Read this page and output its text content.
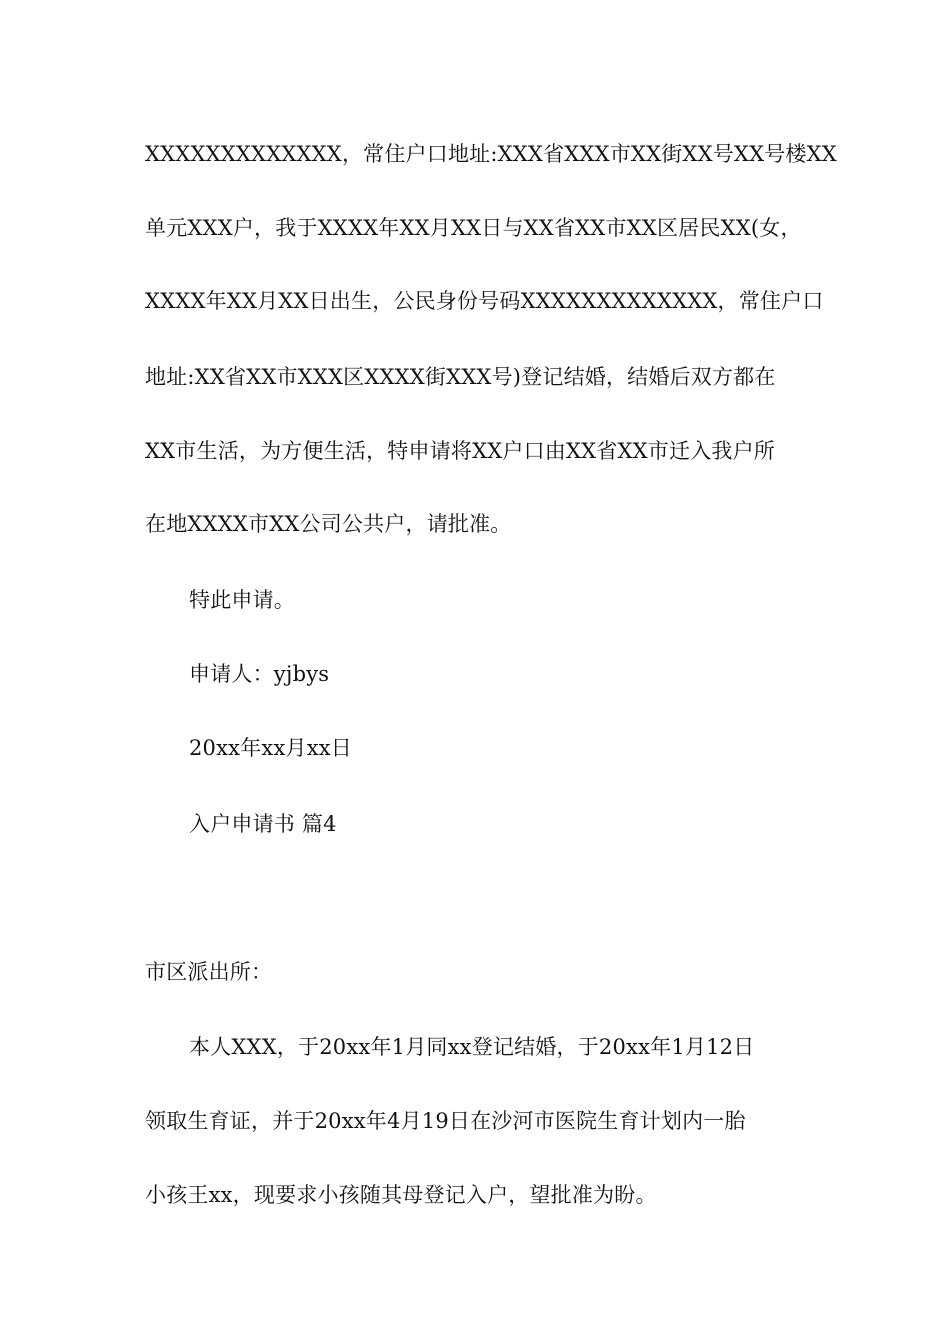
XXXXXXXXXXXXX，常住户口地址:XXX省XXX市XX街XX号XX号楼XX
单元XXX户，我于XXXX年XX月XX日与XX省XX市XX区居民XX(女，
XXXX年XX月XX日出生，公民身份号码XXXXXXXXXXXXX，常住户口
地址:XX省XX市XXX区XXXX街XXX号)登记结婚，结婚后双方都在
XX市生活，为方便生活，特申请将XX户口由XX省XX市迁入我户所
在地XXXX市XX公司公共户，请批准。
特此申请。
申请人：yjbys
20xx年xx月xx日
入户申请书 篇4
市区派出所：
本人XXX，于20xx年1月同xx登记结婚，于20xx年1月12日
领取生育证，并于20xx年4月19日在沙河市医院生育计划内一胎
小孩王xx，现要求小孩随其母登记入户，望批准为盼。
